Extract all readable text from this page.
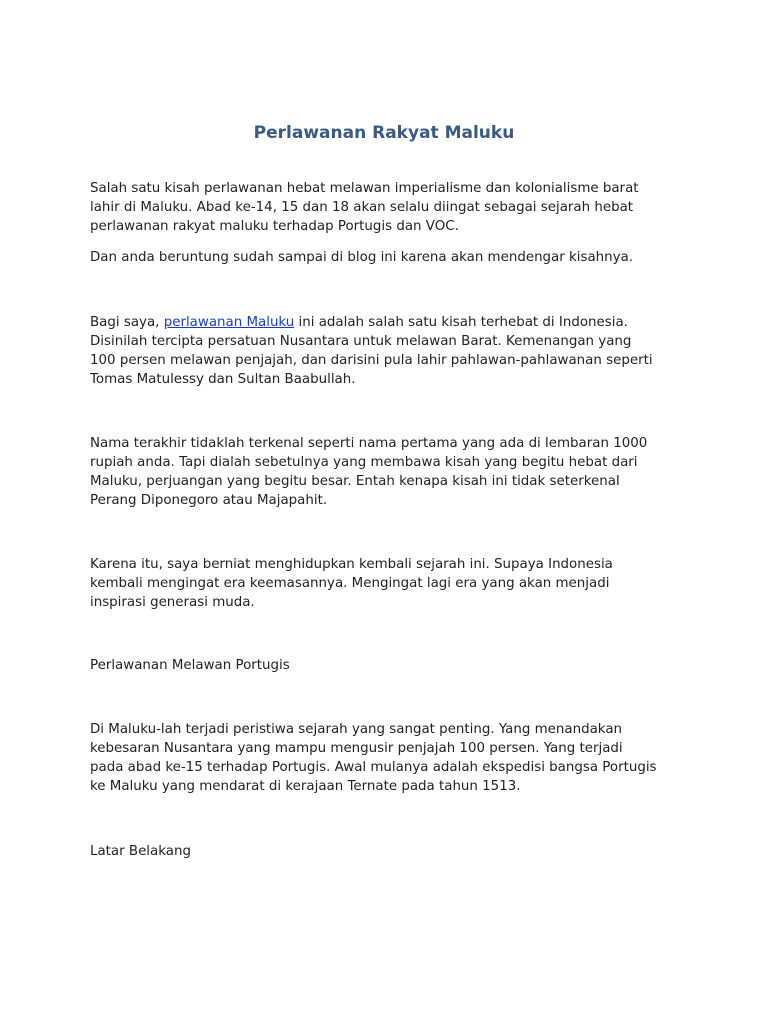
Perlawanan Rakyat Maluku

Salah satu kisah perlawanan hebat melawan imperialisme dan kolonialisme barat
lahir di Maluku. Abad ke-14, 15 dan 18 akan selalu diingat sebagai sejarah hebat
perlawanan rakyat maluku terhadap Portugis dan VOC.

Dan anda beruntung sudah sampai di blog ini karena akan mendengar kisahnya.

Bagi saya, perlawanan Maluku ini adalah salah satu kisah terhebat di Indonesia.
Disinilah tercipta persatuan Nusantara untuk melawan Barat. Kemenangan yang
100 persen melawan penjajah, dan darisini pula lahir pahlawan-pahlawanan seperti
Tomas Matulessy dan Sultan Baabullah.

Nama terakhir tidaklah terkenal seperti nama pertama yang ada di lembaran 1000
rupiah anda. Tapi dialah sebetulnya yang membawa kisah yang begitu hebat dari
Maluku, perjuangan yang begitu besar. Entah kenapa kisah ini tidak seterkenal
Perang Diponegoro atau Majapahit.

Karena itu, saya berniat menghidupkan kembali sejarah ini. Supaya Indonesia
kembali mengingat era keemasannya. Mengingat lagi era yang akan menjadi
inspirasi generasi muda.

Perlawanan Melawan Portugis

Di Maluku-lah terjadi peristiwa sejarah yang sangat penting. Yang menandakan
kebesaran Nusantara yang mampu mengusir penjajah 100 persen. Yang terjadi
pada abad ke-15 terhadap Portugis. Awal mulanya adalah ekspedisi bangsa Portugis
ke Maluku yang mendarat di kerajaan Ternate pada tahun 1513.

Latar Belakang
